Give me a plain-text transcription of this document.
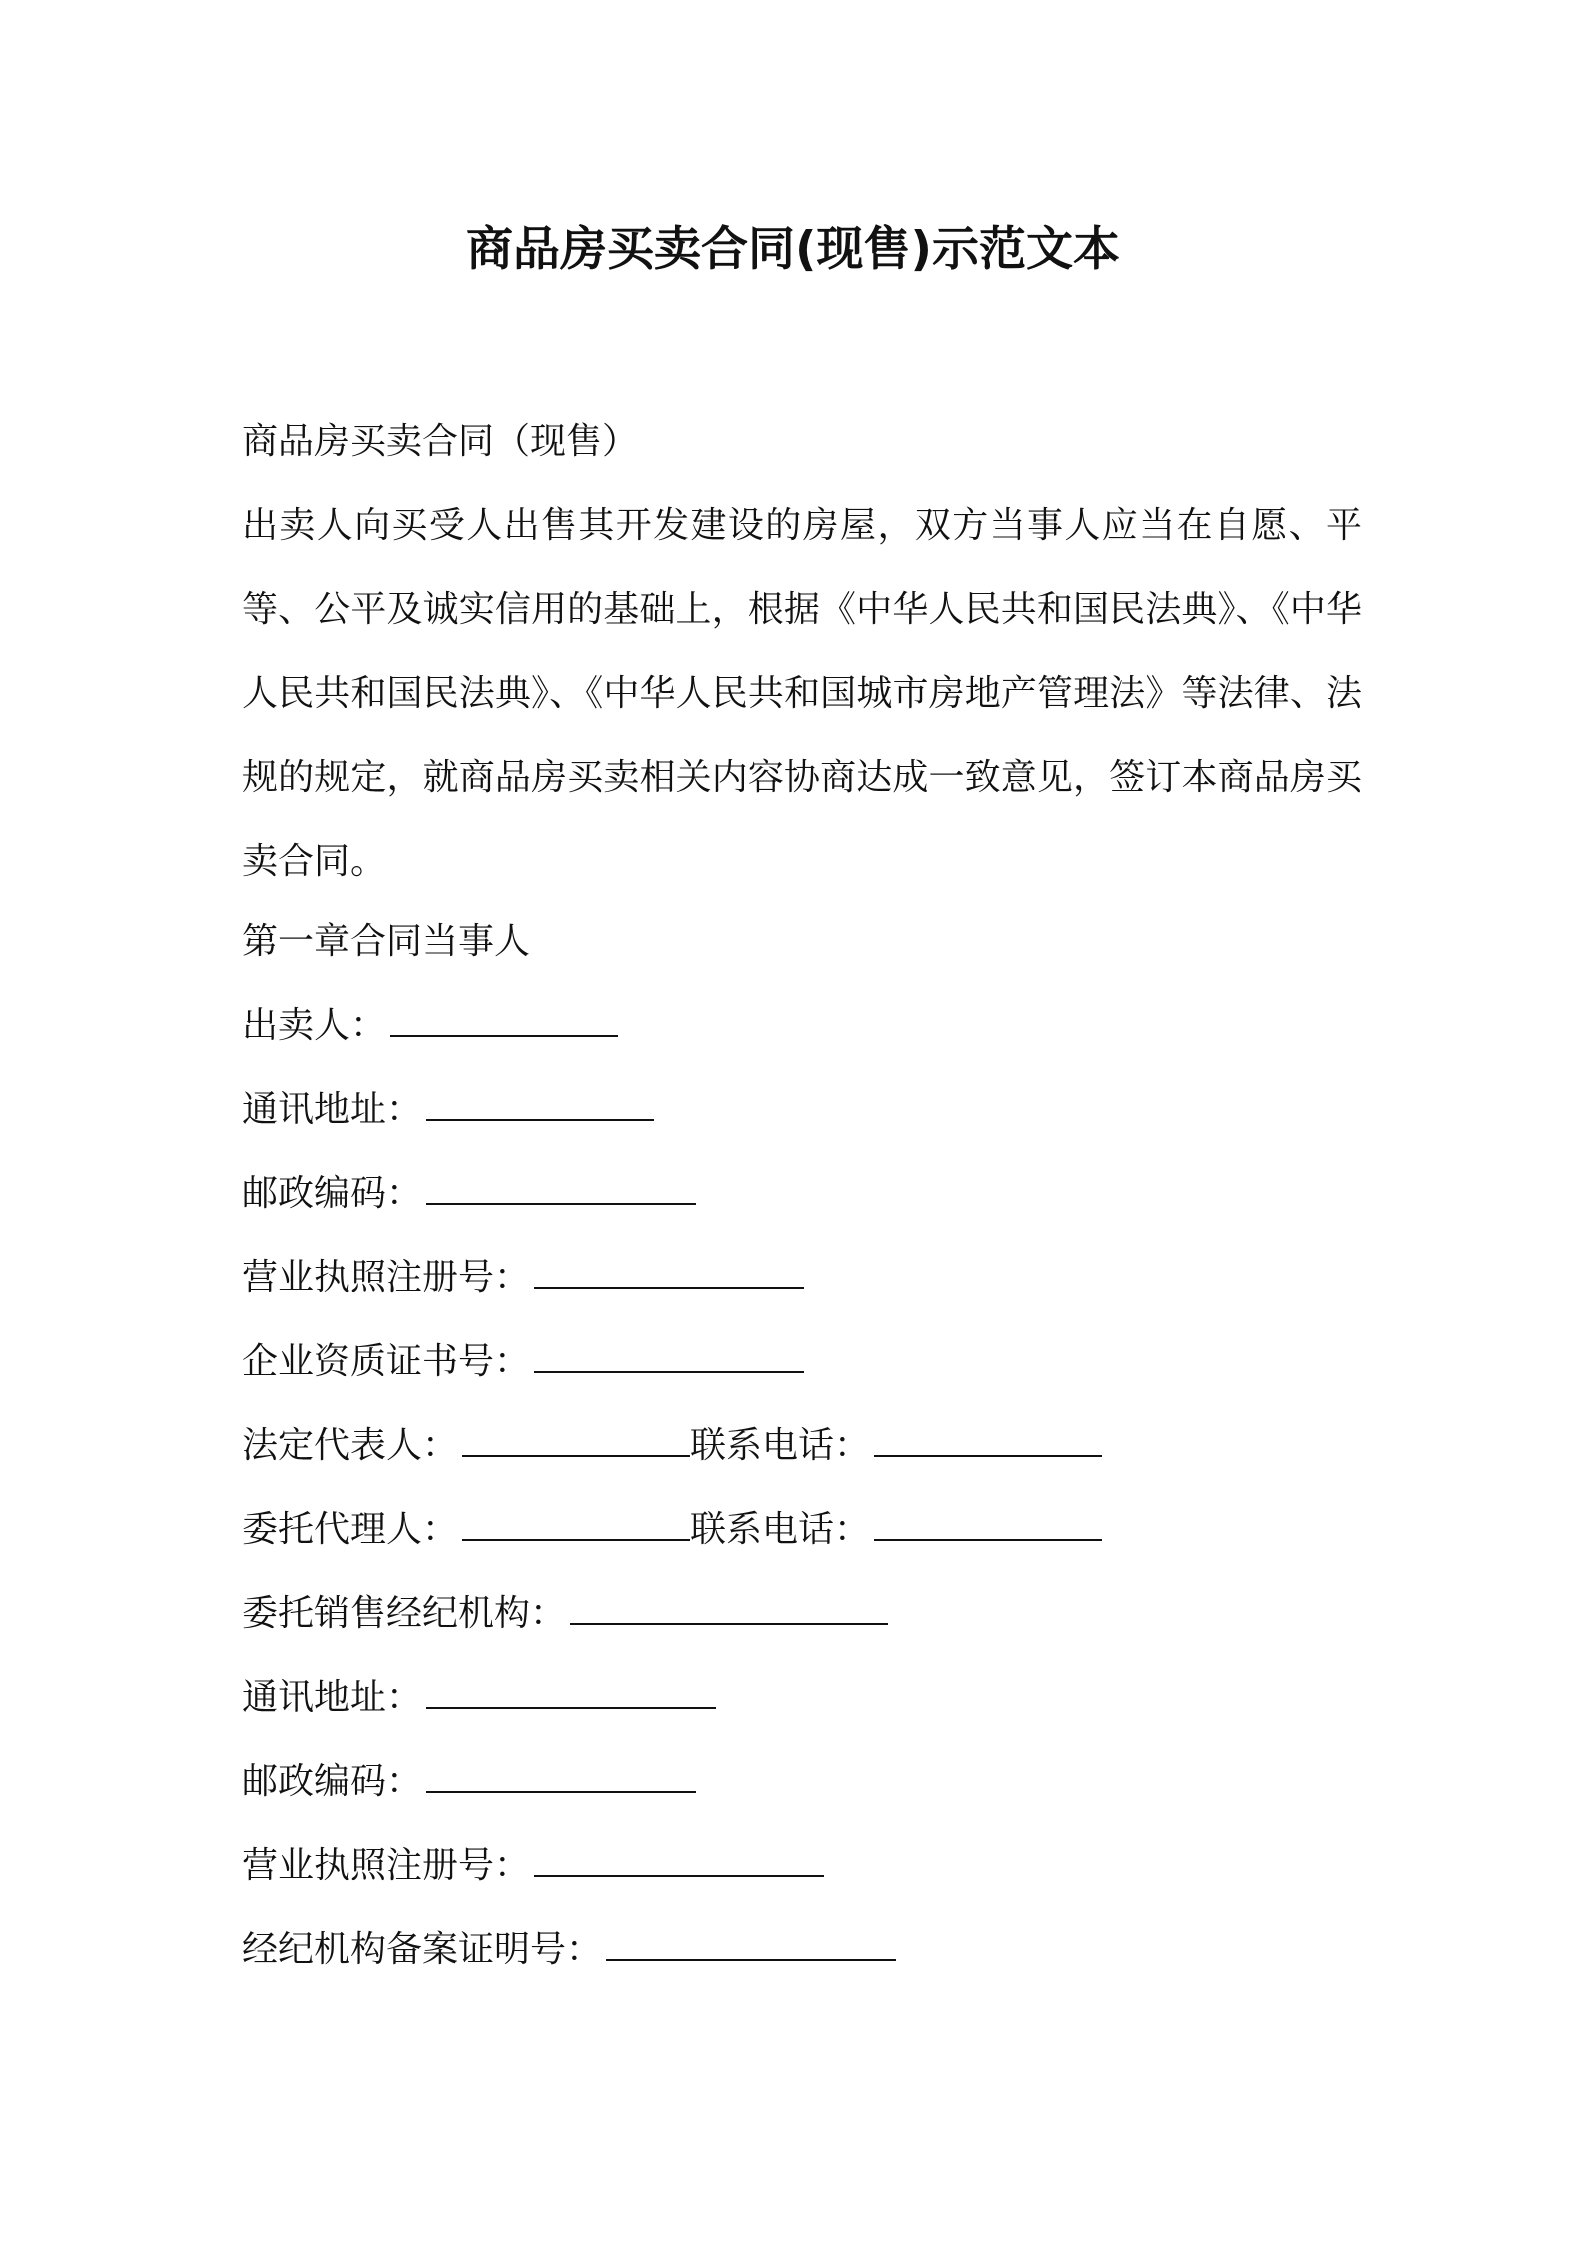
商品房买卖合同(现售)示范文本
商品房买卖合同（现售）

出卖人向买受人出售其开发建设的房屋，双方当事人应当在自愿、平等、公平及诚实信用的基础上，根据《中华人民共和国民法典》、《中华人民共和国民法典》、《中华人民共和国城市房地产管理法》等法律、法规的规定，就商品房买卖相关内容协商达成一致意见，签订本商品房买卖合同。

第一章合同当事人
出卖人：
通讯地址：
邮政编码：
营业执照注册号：
企业资质证书号：
法定代表人：	联系电话：
委托代理人：	联系电话：
委托销售经纪机构：
通讯地址：
邮政编码：
营业执照注册号：
经纪机构备案证明号：
